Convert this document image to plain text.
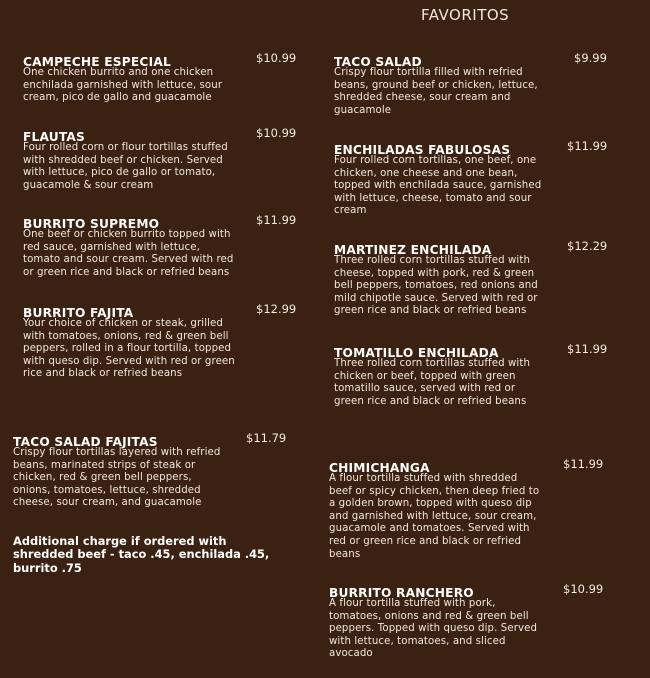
FAVORITOS
CAMPECHE ESPECIAL	$10.99
One chicken burrito and one chicken
enchilada garnished with lettuce, sour
cream, pico de gallo and guacamole
FLAUTAS	$10.99
Four rolled corn or flour tortillas stuffed
with shredded beef or chicken. Served
with lettuce, pico de gallo or tomato,
guacamole & sour cream
BURRITO SUPREMO	$11.99
One beef or chicken burrito topped with
red sauce, garnished with lettuce,
tomato and sour cream. Served with red
or green rice and black or refried beans
BURRITO FAJITA	$12.99
Your choice of chicken or steak, grilled
with tomatoes, onions, red & green bell
peppers, rolled in a flour tortilla, topped
with queso dip. Served with red or green
rice and black or refried beans
TACO SALAD FAJITAS	$11.79
Crispy flour tortillas layered with refried
beans, marinated strips of steak or
chicken, red & green bell peppers,
onions, tomatoes, lettuce, shredded
cheese, sour cream, and guacamole
Additional charge if ordered with
shredded beef - taco .45, enchilada .45,
burrito .75
TACO SALAD	$9.99
Crispy flour tortilla filled with refried
beans, ground beef or chicken, lettuce,
shredded cheese, sour cream and
guacamole
ENCHILADAS FABULOSAS	$11.99
Four rolled corn tortillas, one beef, one
chicken, one cheese and one bean,
topped with enchilada sauce, garnished
with lettuce, cheese, tomato and sour
cream
MARTINEZ ENCHILADA	$12.29
Three rolled corn tortillas stuffed with
cheese, topped with pork, red & green
bell peppers, tomatoes, red onions and
mild chipotle sauce. Served with red or
green rice and black or refried beans
TOMATILLO ENCHILADA	$11.99
Three rolled corn tortillas stuffed with
chicken or beef, topped with green
tomatillo sauce, served with red or
green rice and black or refried beans
CHIMICHANGA	$11.99
A flour tortilla stuffed with shredded
beef or spicy chicken, then deep fried to
a golden brown, topped with queso dip
and garnished with lettuce, sour cream,
guacamole and tomatoes. Served with
red or green rice and black or refried
beans
BURRITO RANCHERO	$10.99
A flour tortilla stuffed with pork,
tomatoes, onions and red & green bell
peppers. Topped with queso dip. Served
with lettuce, tomatoes, and sliced
avocado
